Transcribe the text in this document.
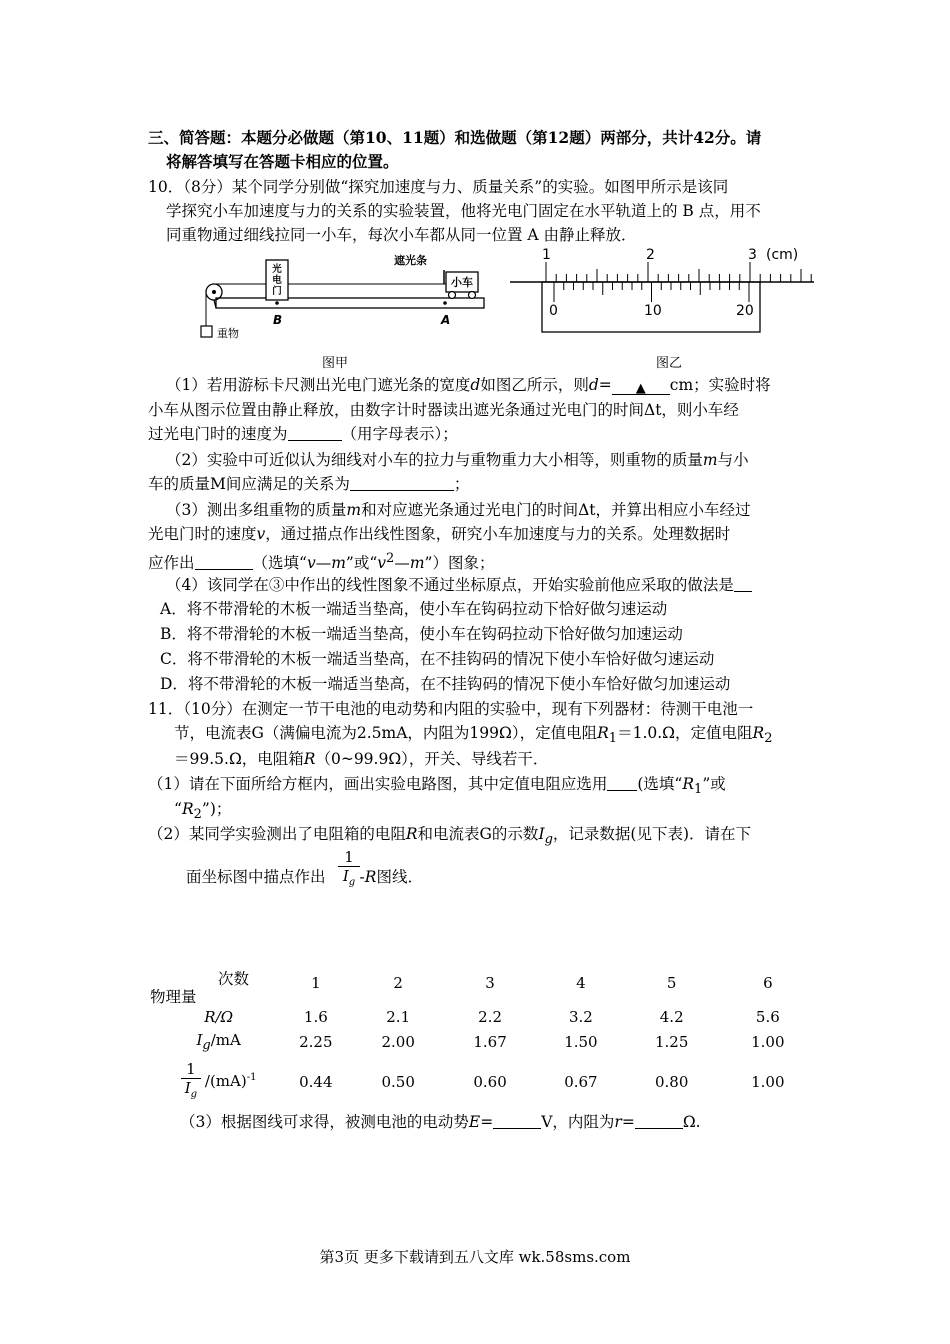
三、简答题：本题分必做题（第10、11题）和选做题（第12题）两部分，共计42分。请
将解答填写在答题卡相应的位置。
10．（8分）某个同学分别做“探究加速度与力、质量关系”的实验。如图甲所示是该同
学探究小车加速度与力的关系的实验装置，他将光电门固定在水平轨道上的 B 点，用不
同重物通过细线拉同一小车，每次小车都从同一位置 A 由静止释放．
重物
光
电
门
B
遮光条
小车
A
1	2	3 (cm)
0	10	20
图甲	图乙
（1）若用游标卡尺测出光电门遮光条的宽度d如图乙所示，则d= ▲ cm；实验时将
小车从图示位置由静止释放，由数字计时器读出遮光条通过光电门的时间Δt，则小车经
过光电门时的速度为	（用字母表示）；
（2）实验中可近似认为细线对小车的拉力与重物重力大小相等，则重物的质量m与小
车的质量M间应满足的关系为	；
（3）测出多组重物的质量m和对应遮光条通过光电门的时间Δt，并算出相应小车经过
光电门时的速度v，通过描点作出线性图象，研究小车加速度与力的关系。处理数据时
应作出	（选填“v—m”或“$v^2—m$”）图象；
（4）该同学在③中作出的线性图象不通过坐标原点，开始实验前他应采取的做法是
A．将不带滑轮的木板一端适当垫高，使小车在钩码拉动下恰好做匀速运动
B．将不带滑轮的木板一端适当垫高，使小车在钩码拉动下恰好做匀加速运动
C．将不带滑轮的木板一端适当垫高，在不挂钩码的情况下使小车恰好做匀速运动
D．将不带滑轮的木板一端适当垫高，在不挂钩码的情况下使小车恰好做匀加速运动
11．（10分）在测定一节干电池的电动势和内阻的实验中，现有下列器材：待测干电池一
节，电流表G（满偏电流为2.5mA，内阻为199Ω），定值电阻$R_1=1.0.\Omega$，定值电阻$R_2$
＝99.5.Ω，电阻箱R（0~99.9Ω），开关、导线若干．
（1）请在下面所给方框内，画出实验电路图，其中定值电阻应选用 (选填“$R_1$”或
“$R_2$”)；
（2）某同学实验测出了电阻箱的电阻R和电流表G的示数$I_g$，记录数据(见下表)．请在下
面坐标图中描点作出 -R图线．
$\frac{1}{I_g}$
次数
物理量
	1	2	3	4	5	6

R/Ω	1.6	2.1	2.2	3.2	4.2	5.6
$I_g/mA$	2.25	2.00	1.67	1.50	1.25	1.00

$\frac{1}{I_g} /(mA)^{-1}$	0.44	0.50	0.60	0.67	0.80	1.00
（3）根据图线可求得，被测电池的电动势E=	V，内阻为r=	Ω.
第3页 更多下载请到五八文库 wk.58sms.com
